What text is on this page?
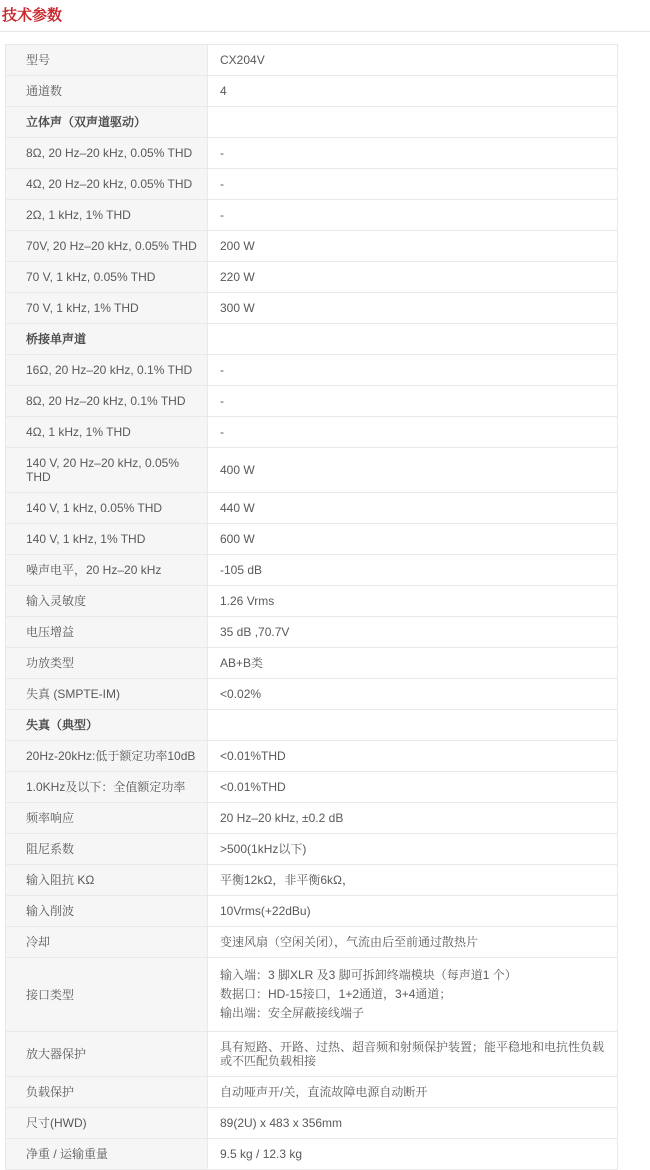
技术参数
型号	CX204V
通道数	4
立体声（双声道驱动）	
8Ω, 20 Hz–20 kHz, 0.05% THD	-
4Ω, 20 Hz–20 kHz, 0.05% THD	-
2Ω, 1 kHz, 1% THD	-
70V, 20 Hz–20 kHz, 0.05% THD	200 W
70 V, 1 kHz, 0.05% THD	220 W
70 V, 1 kHz, 1% THD	300 W
桥接单声道	
16Ω, 20 Hz–20 kHz, 0.1% THD	-
8Ω, 20 Hz–20 kHz, 0.1% THD	-
4Ω, 1 kHz, 1% THD	-
140 V, 20 Hz–20 kHz, 0.05% THD	400 W
140 V, 1 kHz, 0.05% THD	440 W
140 V, 1 kHz, 1% THD	600 W
噪声电平，20 Hz–20 kHz	-105 dB
输入灵敏度	1.26 Vrms
电压增益	35 dB ,70.7V
功放类型	AB+B类
失真 (SMPTE-IM)	<0.02%
失真（典型）	
20Hz-20kHz:低于额定功率10dB	<0.01%THD
1.0KHz及以下：全值额定功率	<0.01%THD
频率响应	20 Hz–20 kHz, ±0.2 dB
阻尼系数	>500(1kHz以下)
输入阻抗 KΩ	平衡12kΩ，非平衡6kΩ，
输入削波	10Vrms(+22dBu)
冷却	变速风扇（空闲关闭），气流由后至前通过散热片
接口类型	输入端：3 脚XLR 及3 脚可拆卸终端模块（每声道1 个）
数据口：HD-15接口，1+2通道，3+4通道；
输出端：安全屏蔽接线端子

放大器保护	具有短路、开路、过热、超音频和射频保护装置；能平稳地和电抗性负载或不匹配负载相接
负载保护	自动哑声开/关，直流故障电源自动断开
尺寸(HWD)	89(2U) x 483 x 356mm
净重 / 运输重量	9.5 kg / 12.3 kg
